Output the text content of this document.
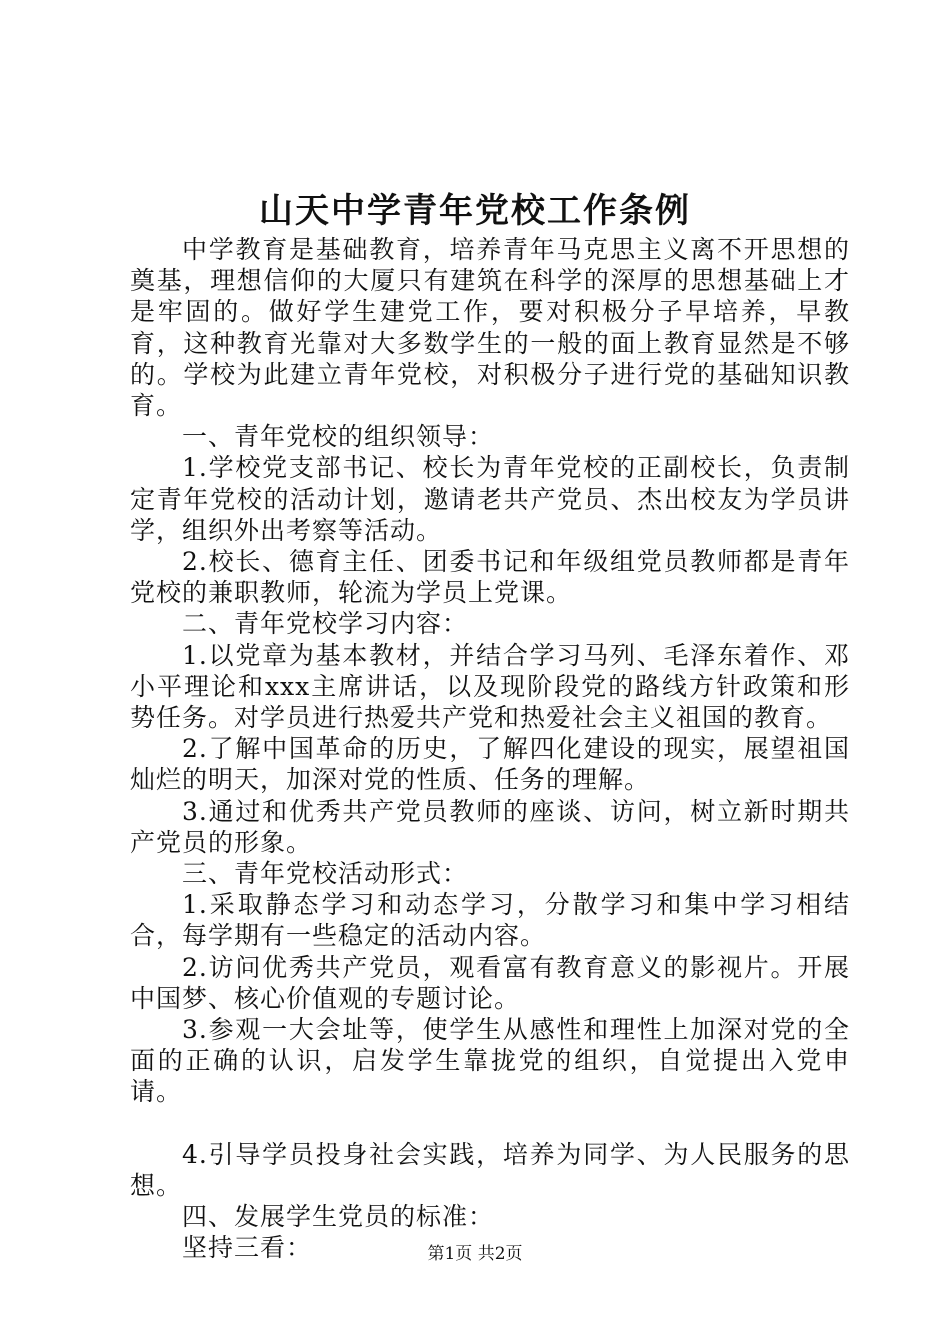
山天中学青年党校工作条例

中学教育是基础教育，培养青年马克思主义离不开思想的奠基，理想信仰的大厦只有建筑在科学的深厚的思想基础上才是牢固的。做好学生建党工作，要对积极分子早培养，早教育，这种教育光靠对大多数学生的一般的面上教育显然是不够的。学校为此建立青年党校，对积极分子进行党的基础知识教育。

一、青年党校的组织领导：

1.学校党支部书记、校长为青年党校的正副校长，负责制定青年党校的活动计划，邀请老共产党员、杰出校友为学员讲学，组织外出考察等活动。

2.校长、德育主任、团委书记和年级组党员教师都是青年党校的兼职教师，轮流为学员上党课。

二、青年党校学习内容：

1.以党章为基本教材，并结合学习马列、毛泽东着作、邓小平理论和xxx主席讲话，以及现阶段党的路线方针政策和形势任务。对学员进行热爱共产党和热爱社会主义祖国的教育。

2.了解中国革命的历史，了解四化建设的现实，展望祖国灿烂的明天，加深对党的性质、任务的理解。

3.通过和优秀共产党员教师的座谈、访问，树立新时期共产党员的形象。

三、青年党校活动形式：

1.采取静态学习和动态学习，分散学习和集中学习相结合，每学期有一些稳定的活动内容。

2.访问优秀共产党员，观看富有教育意义的影视片。开展中国梦、核心价值观的专题讨论。

3.参观一大会址等，使学生从感性和理性上加深对党的全面的正确的认识，启发学生靠拢党的组织，自觉提出入党申请。

4.引导学员投身社会实践，培养为同学、为人民服务的思想。

四、发展学生党员的标准：

坚持三看：	第1页 共2页
